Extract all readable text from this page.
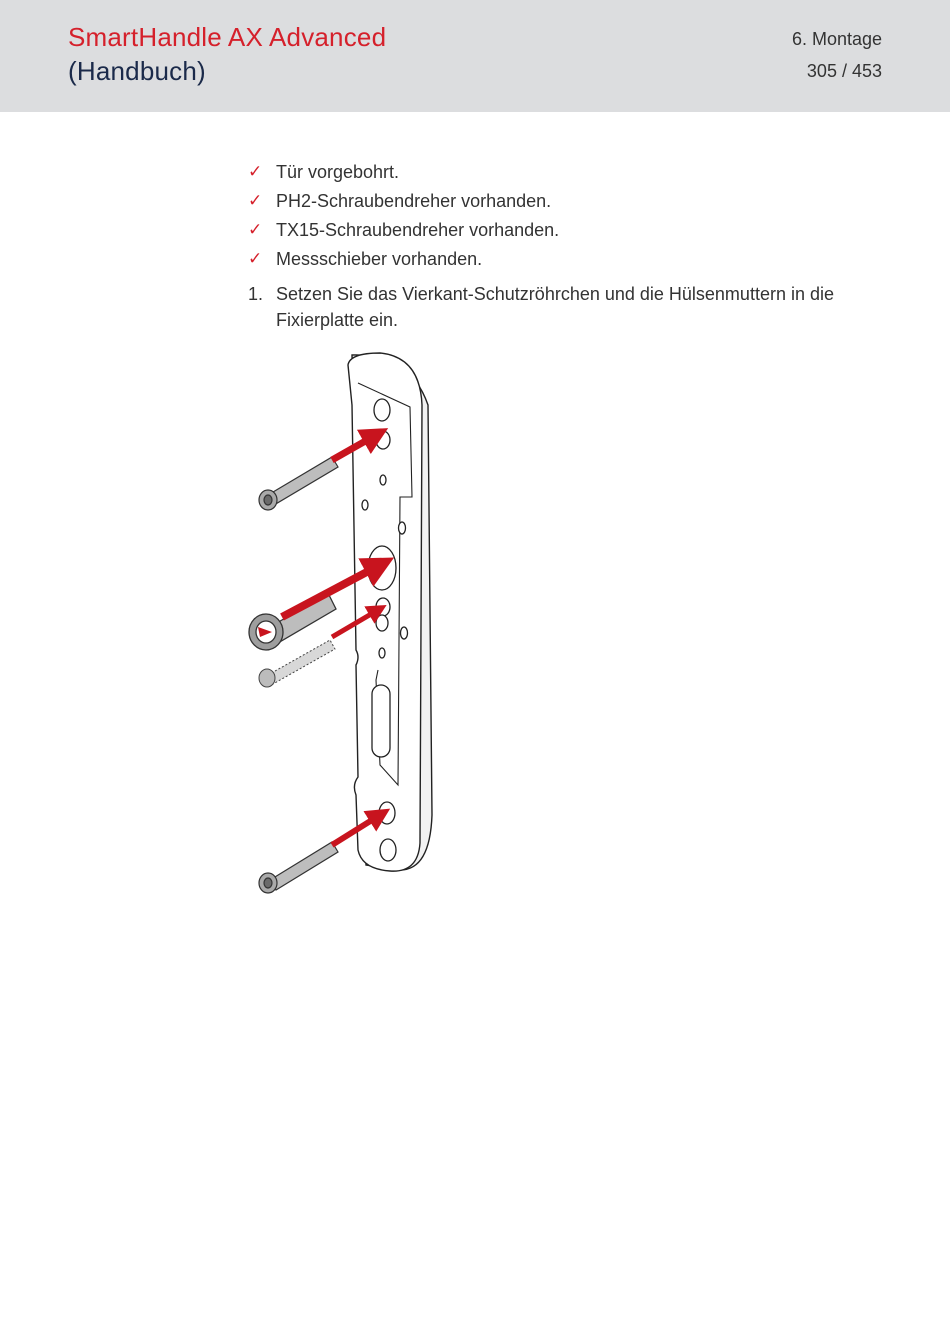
SmartHandle AX Advanced
(Handbuch)
6. Montage
305 / 453
✓ Tür vorgebohrt.
✓ PH2-Schraubendreher vorhanden.
✓ TX15-Schraubendreher vorhanden.
✓ Messschieber vorhanden.
1. Setzen Sie das Vierkant-Schutzröhrchen und die Hülsenmuttern in die Fixierplatte ein.
